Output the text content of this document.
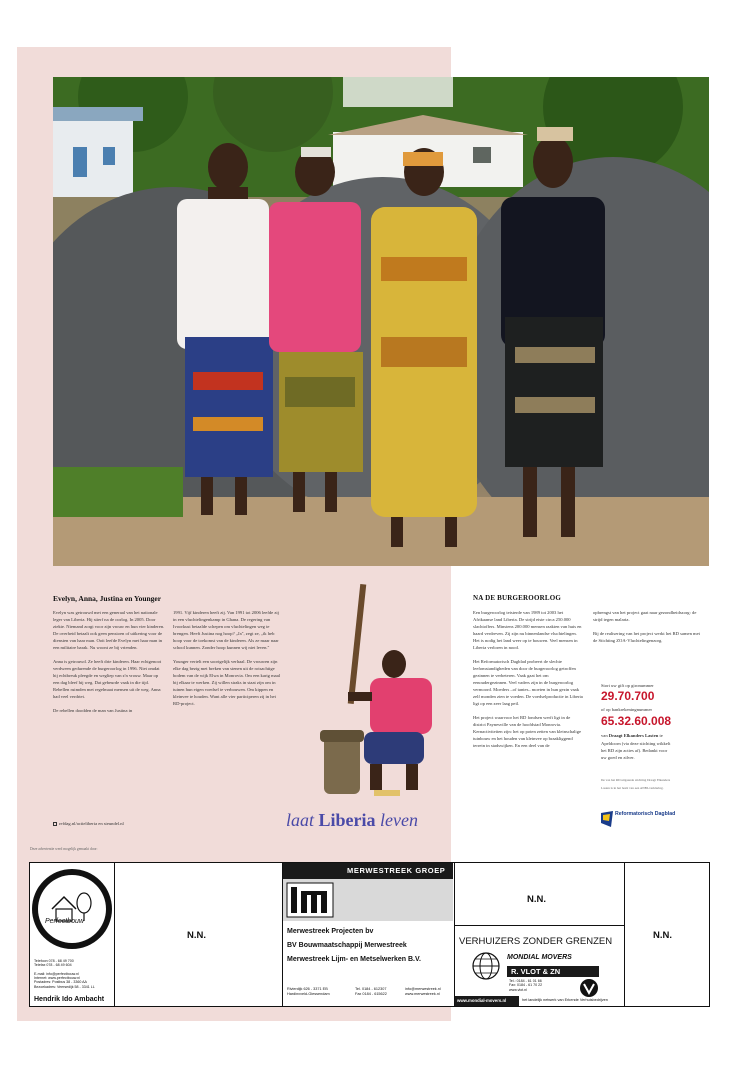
Evelyn, Anna, Justina en Younger

Evelyn was getrouwd met een generaal van het nationale leger van Liberia. Hij stierf na de oorlog. In 2005. Door ziekte. Niemand zorgt voor zijn vrouw en hun vier kinderen. De overheid betaalt ook geen pensioen of uitkering voor de diensten van haar man. Ooit leefde Evelyn met haar man in een militaire barak. Nu woont ze bij vrienden.

Anna is getrouwd. Ze heeft drie kinderen. Haar echtgenoot verdween gedurende de burgeroorlog in 1996. Niet omdat hij echtbreuk pleegde en wegliep van z'n vrouw. Maar op een dag bleef hij weg. Dat gebeurde vaak in die tijd. Rebellen ruimden met regelmaat mensen uit de weg. Anna had veel verdriet.

De rebellen doodden de man van Justina in

1991. Vijf kinderen heeft zij. Van 1991 tot 2006 leefde zij in een vluchtelingenkamp in Ghana. De regering van Ivoorkust betaalde schepen om vluchtelingen weg te brengen. Heeft Justina nog hoop? „Ja", zegt ze, „ik heb hoop voor de toekomst van de kinderen. Als ze maar naar school kunnen. Zonder hoop kunnen wij niet leven."

Younger vertelt een soortgelijk verhaal. De vrouwen zijn elke dag bezig met breken van stenen uit de rotsachtige bodem van de wijk Elwa in Monrovia. Om een karig maal bij elkaar te werken. Zij willen straks in staat zijn om in tuinen hun eigen voedsel te verbouwen. Om kippen en kleinvee te houden. Want alle vier participeren zij in het RD-project.

refdag.nl/actieliberia en steundel.nl	laat Liberia leven
NA DE BURGEROORLOG

Een burgeroorlog teisterde van 1989 tot 2003 het Afrikaanse land Liberia. De strijd eiste circa 250.000 slachtoffers. Minstens 200.000 mensen raakten van huis en haard verdreven. Zij zijn nu binnenlandse vluchtelingen. Het is nodig het land weer op te bouwen. Veel mensen in Liberia verloren in nood.

Het Reformatorisch Dagblad probeert de slechte leefomstandigheden van door de burgeroorlog getroffen gezinnen te verbeteren. Vaak gaat het om eenoudergezinnen. Veel vaders zijn in de burgeroorlog vermoord. Moeders –of tantes– moeten in hun gezin vaak zelf monden zien te voeden. De voedselproductie in Liberia ligt op een zeer laag peil.

Het project waarvoor het RD fondsen werft ligt in de district Paynesville van de hoofdstad Monrovia. Kernactiviteiten zijn: het op poten zetten van kleinschalige tuinbouw en het houden van kleinvee op braakliggend terrein in stadswijken. En een deel van de

opbrengst van het project gaat naar gezondheidszorg: de strijd tegen malaria.

Bij de realisering van het project werkt het RD samen met de Stichting ZOA-Vluchtelingenzorg.

Stort uw gift op gironummer
29.70.700
of op bankrekeningnummer
65.32.60.008
van Draagt Elkanders Lasten te
Apeldoorn (via deze stichting wikkelt
het RD zijn acties af). Bedankt voor
uw goed en zilver.
De vaz het RD uitgaande stichting Draagt Elkanders
Lasten is in het bezit van een ANBI-verklaring.
Reformatorisch Dagblad
Deze advertentie werd mogelijk gemaakt door:
Perfectbouw
Telefoon 078 - 68 49 700
Telefax 078 - 68 49 604

E-mail: info@perfectbouw.nl
Internet: www.perfectbouw.nl
Postadres: Postbus 38 - 3360 AA
Bezoekadres: Veersedijk 58 - 3341 LL
Hendrik Ido Ambacht
N.N.
MERWESTREEK GROEP
Merwestreek Projecten bv
BV Bouwmaatschappij Merwestreek
Merwestreek Lijm- en Metselwerken B.V.
Rivierdijk 626 - 3371 EB
Hardinxveld-Giessendam
Tel. 0184 - 612307
Fax 0184 - 615622
info@merwestreek.nl
www.merwestreek.nl
N.N.
VERHUIZERS ZONDER GRENZEN
MONDIAL MOVERS
R. VLOT & ZN
Tel.: 0184 - 61 01 66
Fax: 0184 - 61 70 22
www.vlot.nl
www.mondial-movers.nl	het landelijk netwerk van Erkende Verhuisbedrijven
N.N.
